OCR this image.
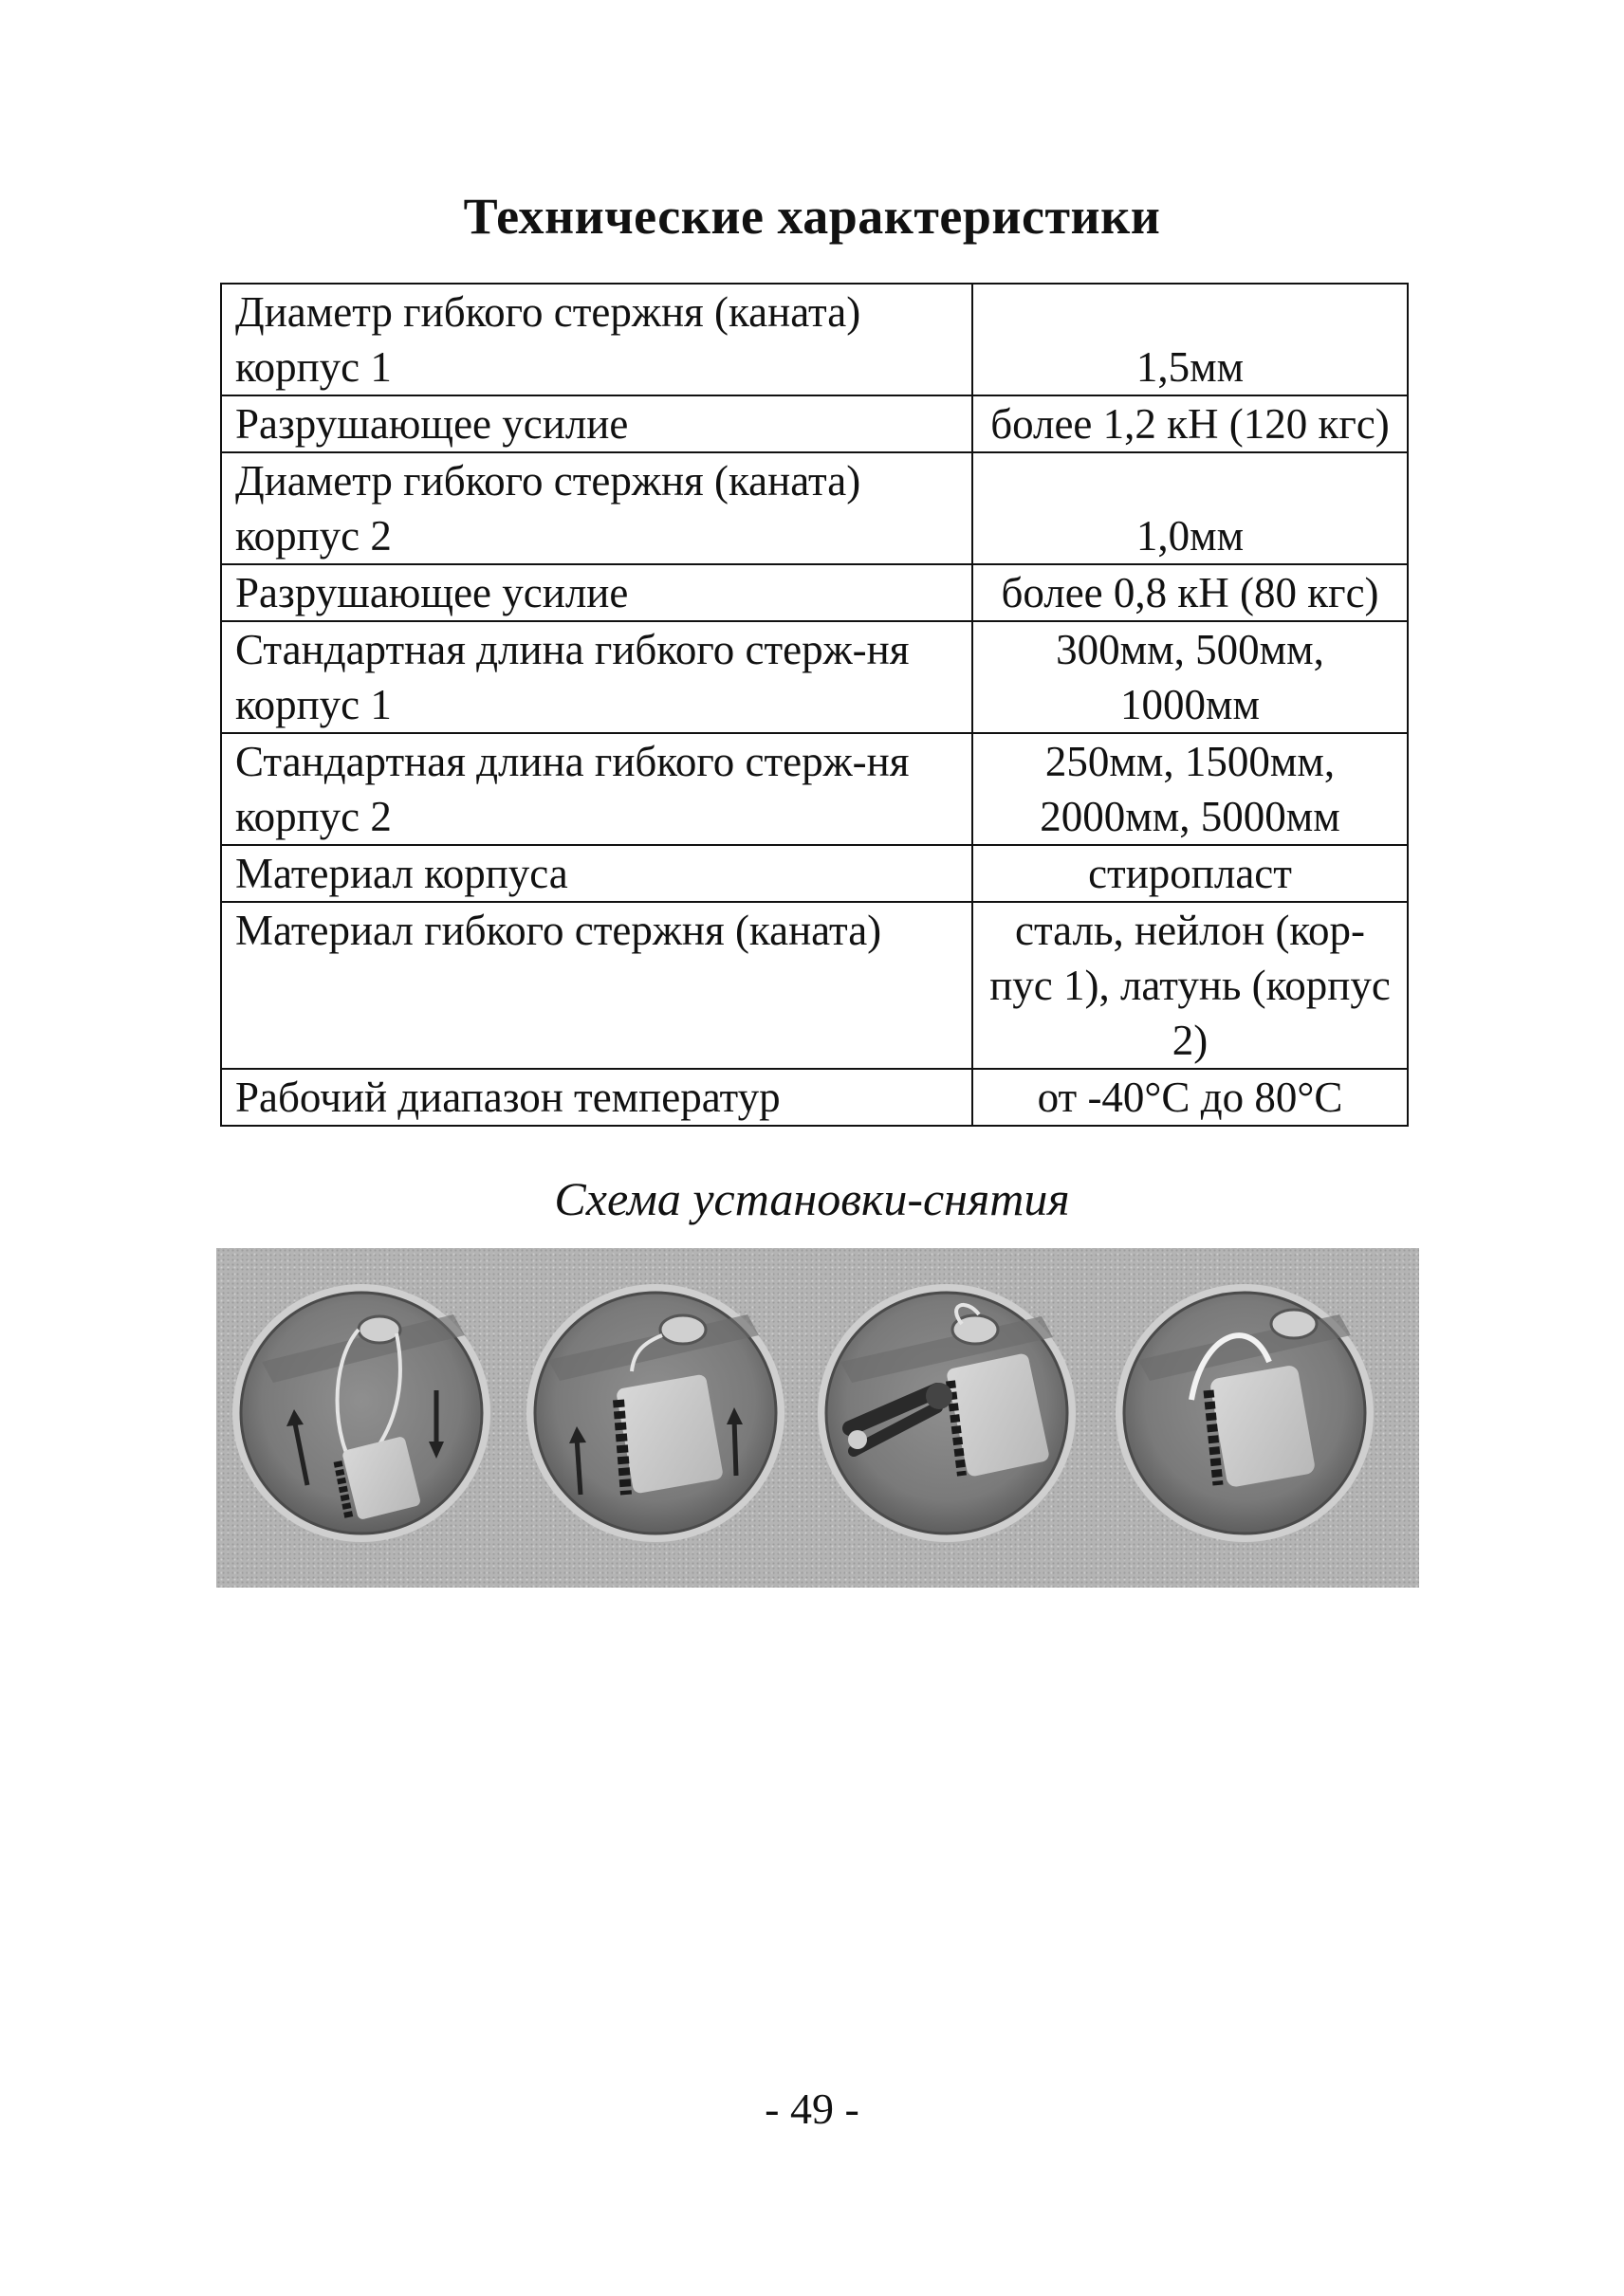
Технические характеристики
Диаметр гибкого стержня (каната) корпус 1	1,5мм
Разрушающее усилие	более 1,2 кН (120 кгс)
Диаметр гибкого стержня (каната) корпус 2	1,0мм
Разрушающее усилие	более 0,8 кН (80 кгс)
Стандартная длина гибкого стерж-ня корпус 1	300мм, 500мм, 1000мм
Стандартная длина гибкого стерж-ня корпус 2	250мм, 1500мм, 2000мм, 5000мм
Материал корпуса	стиропласт
Материал гибкого стержня (каната)	сталь, нейлон (кор-пус 1), латунь (корпус 2)
Рабочий диапазон температур	от -40°С до 80°С
Схема установки-снятия
- 49 -
